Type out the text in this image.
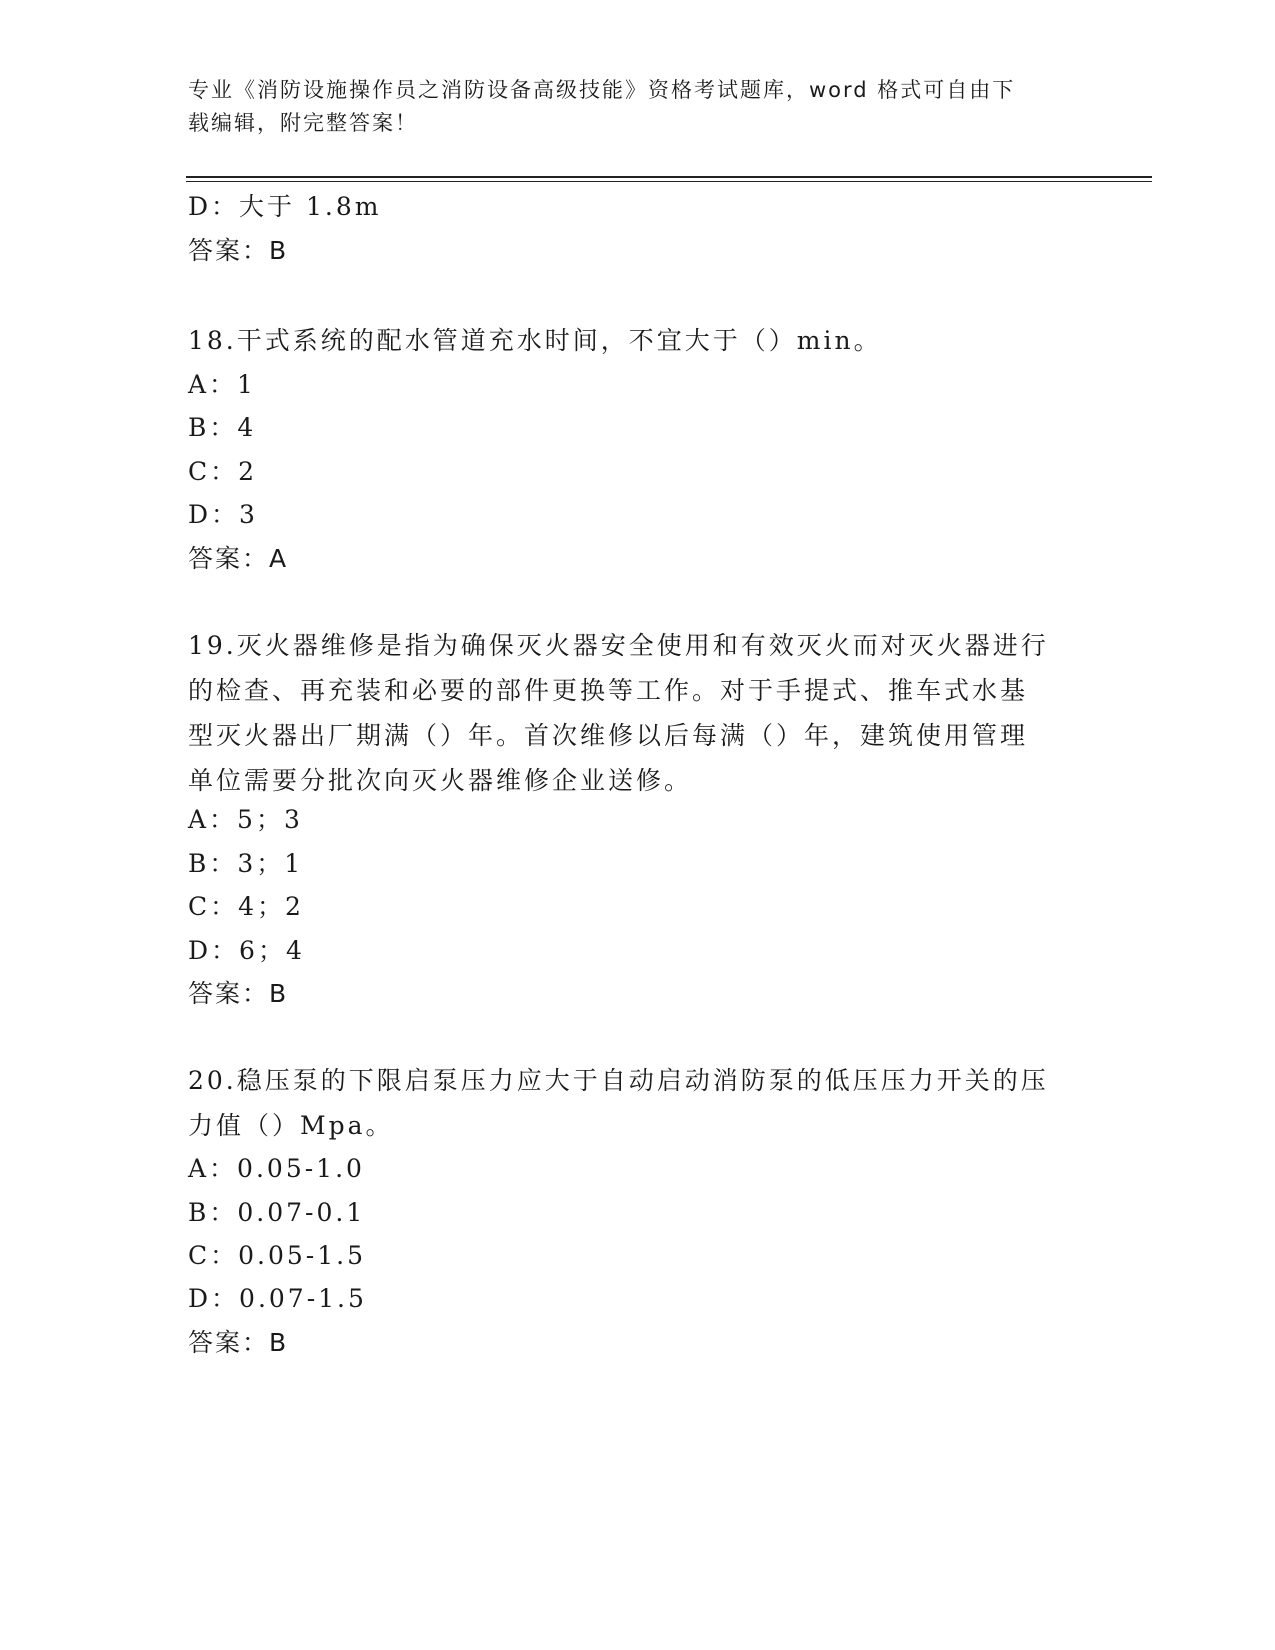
专业《消防设施操作员之消防设备高级技能》资格考试题库，word 格式可自由下
载编辑，附完整答案！
D：大于 1.8m
答案：B
18.干式系统的配水管道充水时间，不宜大于（）min。
A：1
B：4
C：2
D：3
答案：A
19.灭火器维修是指为确保灭火器安全使用和有效灭火而对灭火器进行
的检查、再充装和必要的部件更换等工作。对于手提式、推车式水基
型灭火器出厂期满（）年。首次维修以后每满（）年，建筑使用管理
单位需要分批次向灭火器维修企业送修。
A：5；3
B：3；1
C：4；2
D：6；4
答案：B
20.稳压泵的下限启泵压力应大于自动启动消防泵的低压压力开关的压
力值（）Mpa。
A：0.05-1.0
B：0.07-0.1
C：0.05-1.5
D：0.07-1.5
答案：B
